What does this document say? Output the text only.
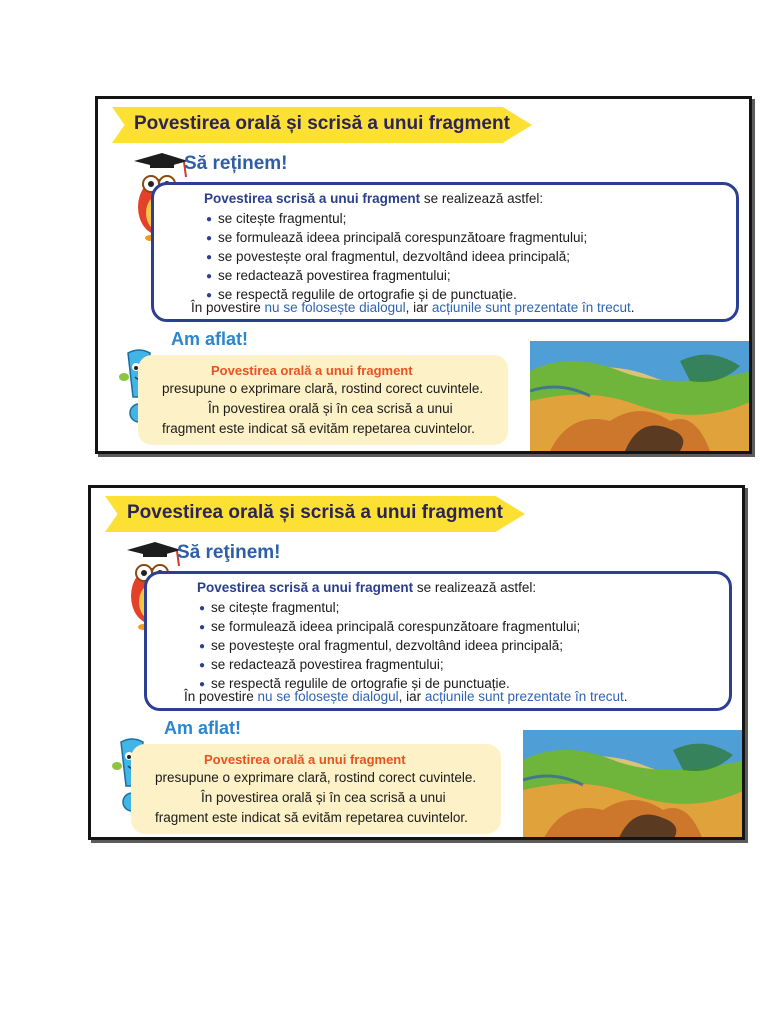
Povestirea orală și scrisă a unui fragment
Să reținem!
Povestirea scrisă a unui fragment se realizează astfel:
● se citește fragmentul;
● se formulează ideea principală corespunzătoare fragmentului;
● se povestește oral fragmentul, dezvoltând ideea principală;
● se redactează povestirea fragmentului;
● se respectă regulile de ortografie și de punctuație.
În povestire nu se folosește dialogul, iar acțiunile sunt prezentate în trecut.
Am aflat!
Povestirea orală a unui fragment
presupune o exprimare clară, rostind corect cuvintele.
În povestirea orală și în cea scrisă a unui
fragment este indicat să evităm repetarea cuvintelor.
Povestirea orală și scrisă a unui fragment
Să reţinem!
Povestirea scrisă a unui fragment se realizează astfel:
● se citește fragmentul;
● se formulează ideea principală corespunzătoare fragmentului;
● se povestește oral fragmentul, dezvoltând ideea principală;
● se redactează povestirea fragmentului;
● se respectă regulile de ortografie și de punctuație.
În povestire nu se folosește dialogul, iar acțiunile sunt prezentate în trecut.
Am aflat!
Povestirea orală a unui fragment
presupune o exprimare clară, rostind corect cuvintele.
În povestirea orală și în cea scrisă a unui
fragment este indicat să evităm repetarea cuvintelor.
